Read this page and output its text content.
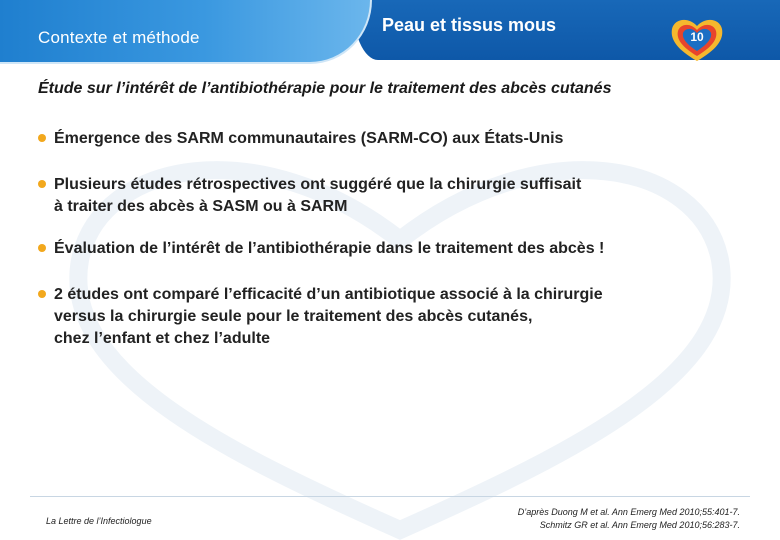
Contexte et méthode
Peau et tissus mous
10
Étude sur l’intérêt de l’antibiothérapie pour le traitement des abcès cutanés
Émergence des SARM communautaires (SARM-CO) aux États-Unis
Plusieurs études rétrospectives ont suggéré que la chirurgie suffisait
à traiter des abcès à SASM ou à SARM
Évaluation de l’intérêt de l’antibiothérapie dans le traitement des abcès !
2 études ont comparé l’efficacité d’un antibiotique associé à la chirurgie
versus la chirurgie seule pour le traitement des abcès cutanés,
chez l’enfant et chez l’adulte
La Lettre de l’Infectiologue
D’après Duong M et al. Ann Emerg Med 2010;55:401-7.
Schmitz GR et al. Ann Emerg Med 2010;56:283-7.
